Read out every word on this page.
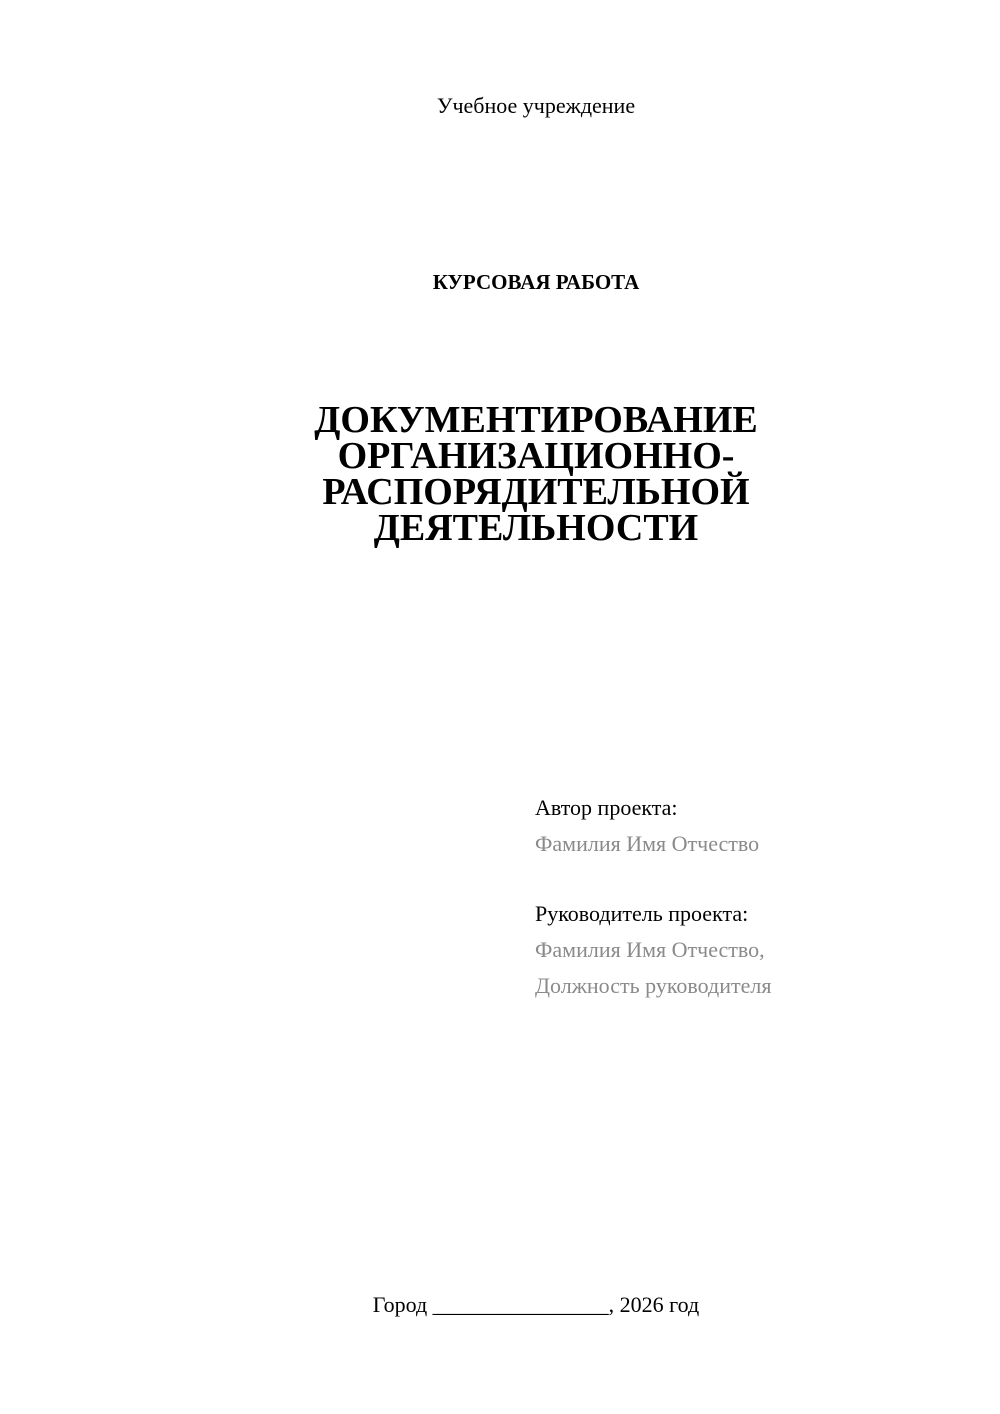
Учебное учреждение
КУРСОВАЯ РАБОТА
ДОКУМЕНТИРОВАНИЕ
ОРГАНИЗАЦИОННО-
РАСПОРЯДИТЕЛЬНОЙ
ДЕЯТЕЛЬНОСТИ
Автор проекта:
Фамилия Имя Отчество
Руководитель проекта:
Фамилия Имя Отчество,
Должность руководителя
Город ________________, 2026 год
